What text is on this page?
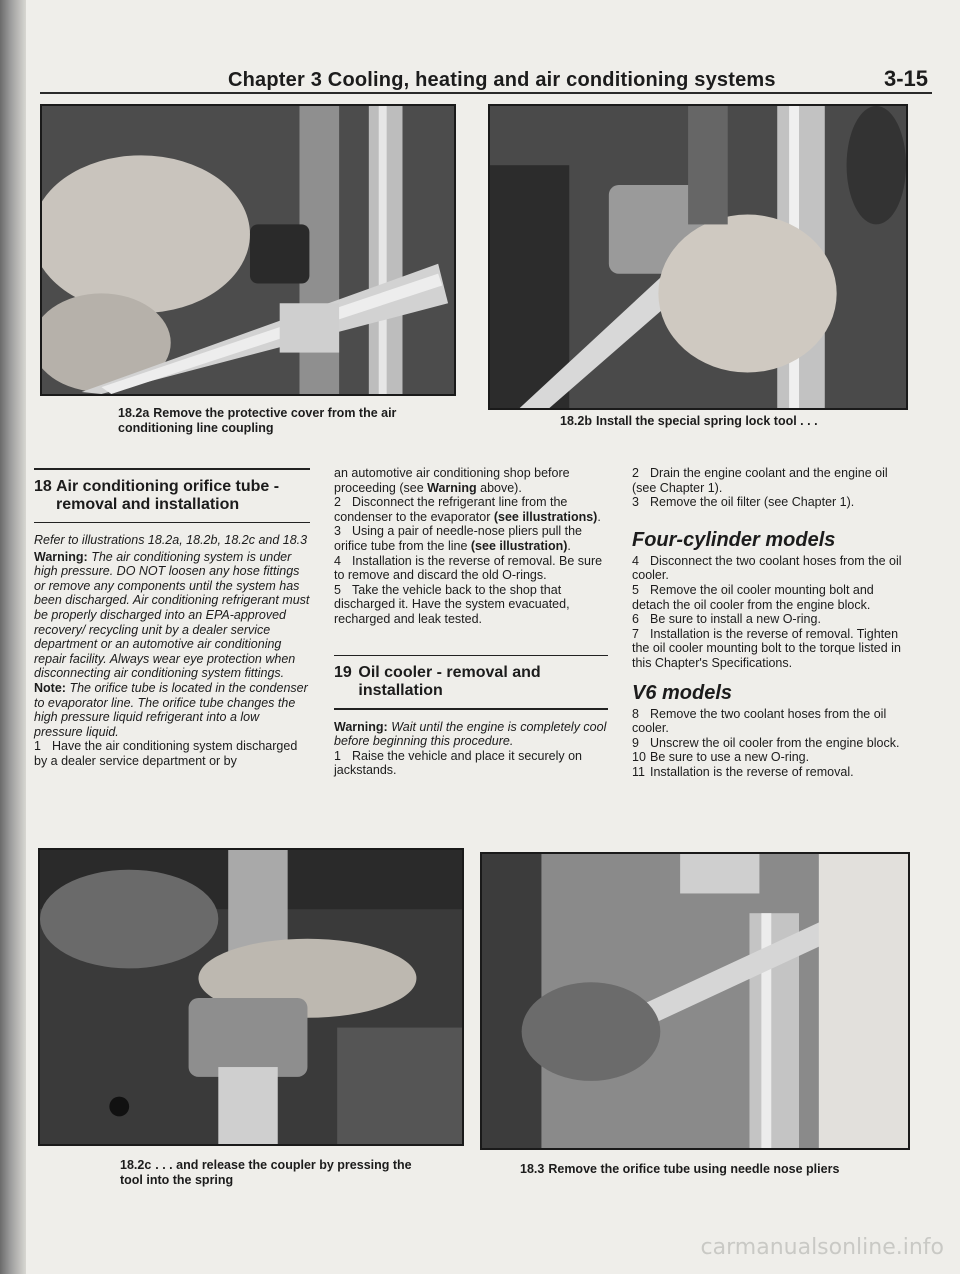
Chapter 3 Cooling, heating and air conditioning systems	3-15
18.2a Remove the protective cover from the air conditioning line coupling	18.2b Install the special spring lock tool . . .
18 Air conditioning orifice tube - removal and installation

Refer to illustrations 18.2a, 18.2b, 18.2c and 18.3

Warning: The air conditioning system is under high pressure. DO NOT loosen any hose fittings or remove any components until the system has been discharged. Air conditioning refrigerant must be properly discharged into an EPA-approved recovery/ recycling unit by a dealer service department or an automotive air conditioning repair facility. Always wear eye protection when disconnecting air conditioning system fittings.

Note: The orifice tube is located in the condenser to evaporator line. The orifice tube changes the high pressure liquid refrigerant into a low pressure liquid.

1 Have the air conditioning system discharged by a dealer service department or by

an automotive air conditioning shop before proceeding (see Warning above).

2 Disconnect the refrigerant line from the condenser to the evaporator (see illustrations).

3 Using a pair of needle-nose pliers pull the orifice tube from the line (see illustration).

4 Installation is the reverse of removal. Be sure to remove and discard the old O-rings.

5 Take the vehicle back to the shop that discharged it. Have the system evacuated, recharged and leak tested.

19 Oil cooler - removal and installation

Warning: Wait until the engine is completely cool before beginning this procedure.

1 Raise the vehicle and place it securely on jackstands.

2 Drain the engine coolant and the engine oil (see Chapter 1).

3 Remove the oil filter (see Chapter 1).

Four-cylinder models

4 Disconnect the two coolant hoses from the oil cooler.

5 Remove the oil cooler mounting bolt and detach the oil cooler from the engine block.

6 Be sure to install a new O-ring.

7 Installation is the reverse of removal. Tighten the oil cooler mounting bolt to the torque listed in this Chapter's Specifications.

V6 models

8 Remove the two coolant hoses from the oil cooler.

9 Unscrew the oil cooler from the engine block.

10 Be sure to use a new O-ring.

11 Installation is the reverse of removal.

18.2c . . . and release the coupler by pressing the tool into the spring
18.3 Remove the orifice tube using needle nose pliers
carmanualsonline.info
